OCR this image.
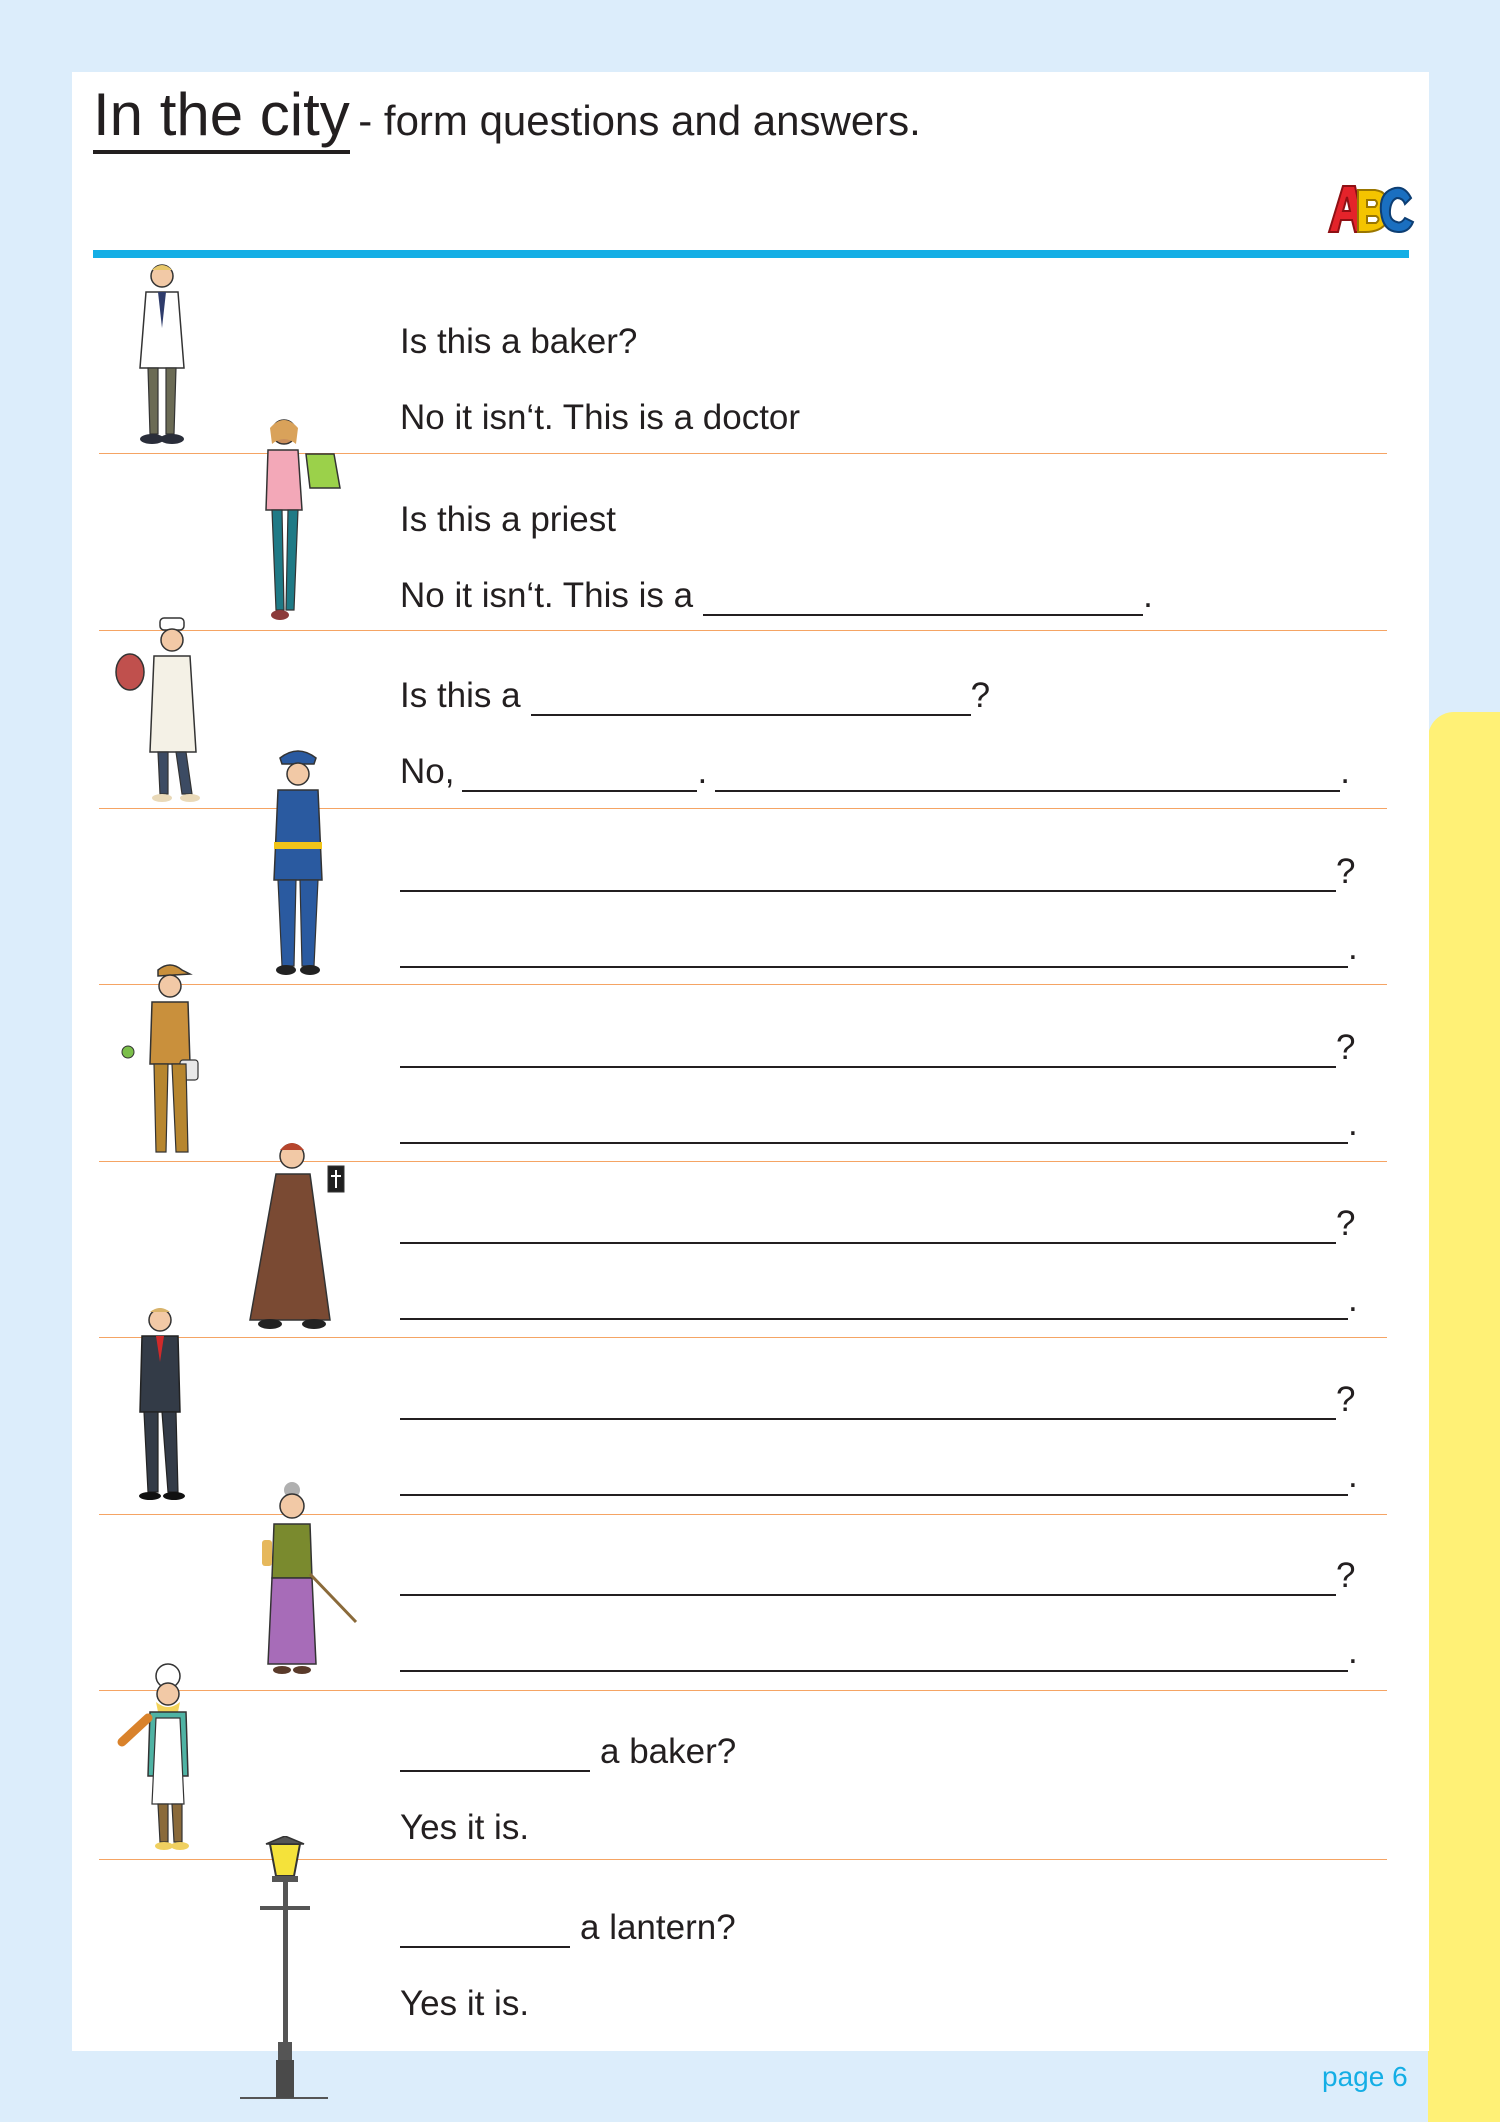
In the city - form questions and answers.
Is this a baker?
No it isn‘t. This is a doctor
Is this a priest
No it isn‘t. This is a	.
Is this a	?
No,	.	.
?
.
?
.
?
.
?
.
?
.
a baker?
Yes it is.
a lantern?
Yes it is.
page 6
